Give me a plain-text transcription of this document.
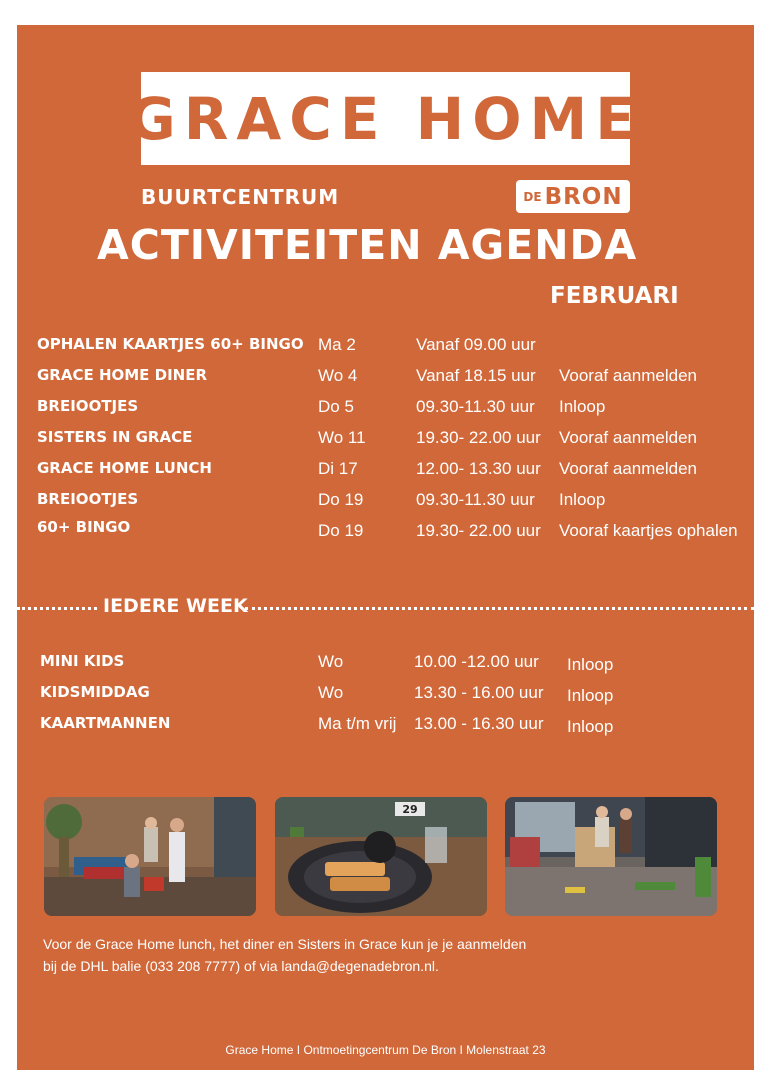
GRACE HOME
BUURTCENTRUM	DE BRON
ACTIVITEITEN AGENDA
FEBRUARI
OPHALEN KAARTJES 60+ BINGO Ma 2	Vanaf 09.00 uur
GRACE HOME DINER	Wo 4	Vanaf 18.15 uur Vooraf aanmelden
BREIOOTJES	Do 5	09.30-11.30 uur Inloop
SISTERS IN GRACE	Wo 11	19.30- 22.00 uur Vooraf aanmelden
GRACE HOME LUNCH	Di 17	12.00- 13.30 uur Vooraf aanmelden
BREIOOTJES	Do 19	09.30-11.30 uur Inloop
60+ BINGO	Do 19	19.30- 22.00 uur Vooraf kaartjes ophalen
IEDERE WEEK
MINI KIDS	Wo	10.00 -12.00 uur Inloop
KIDSMIDDAG	Wo	13.30 - 16.00 uur Inloop
KAARTMANNEN	Ma t/m vrij 13.00 - 16.30 uur Inloop
29
Voor de Grace Home lunch, het diner en Sisters in Grace kun je je aanmelden
bij de DHL balie (033 208 7777) of via landa@degenadebron.nl.
Grace Home I Ontmoetingcentrum De Bron I Molenstraat 23
